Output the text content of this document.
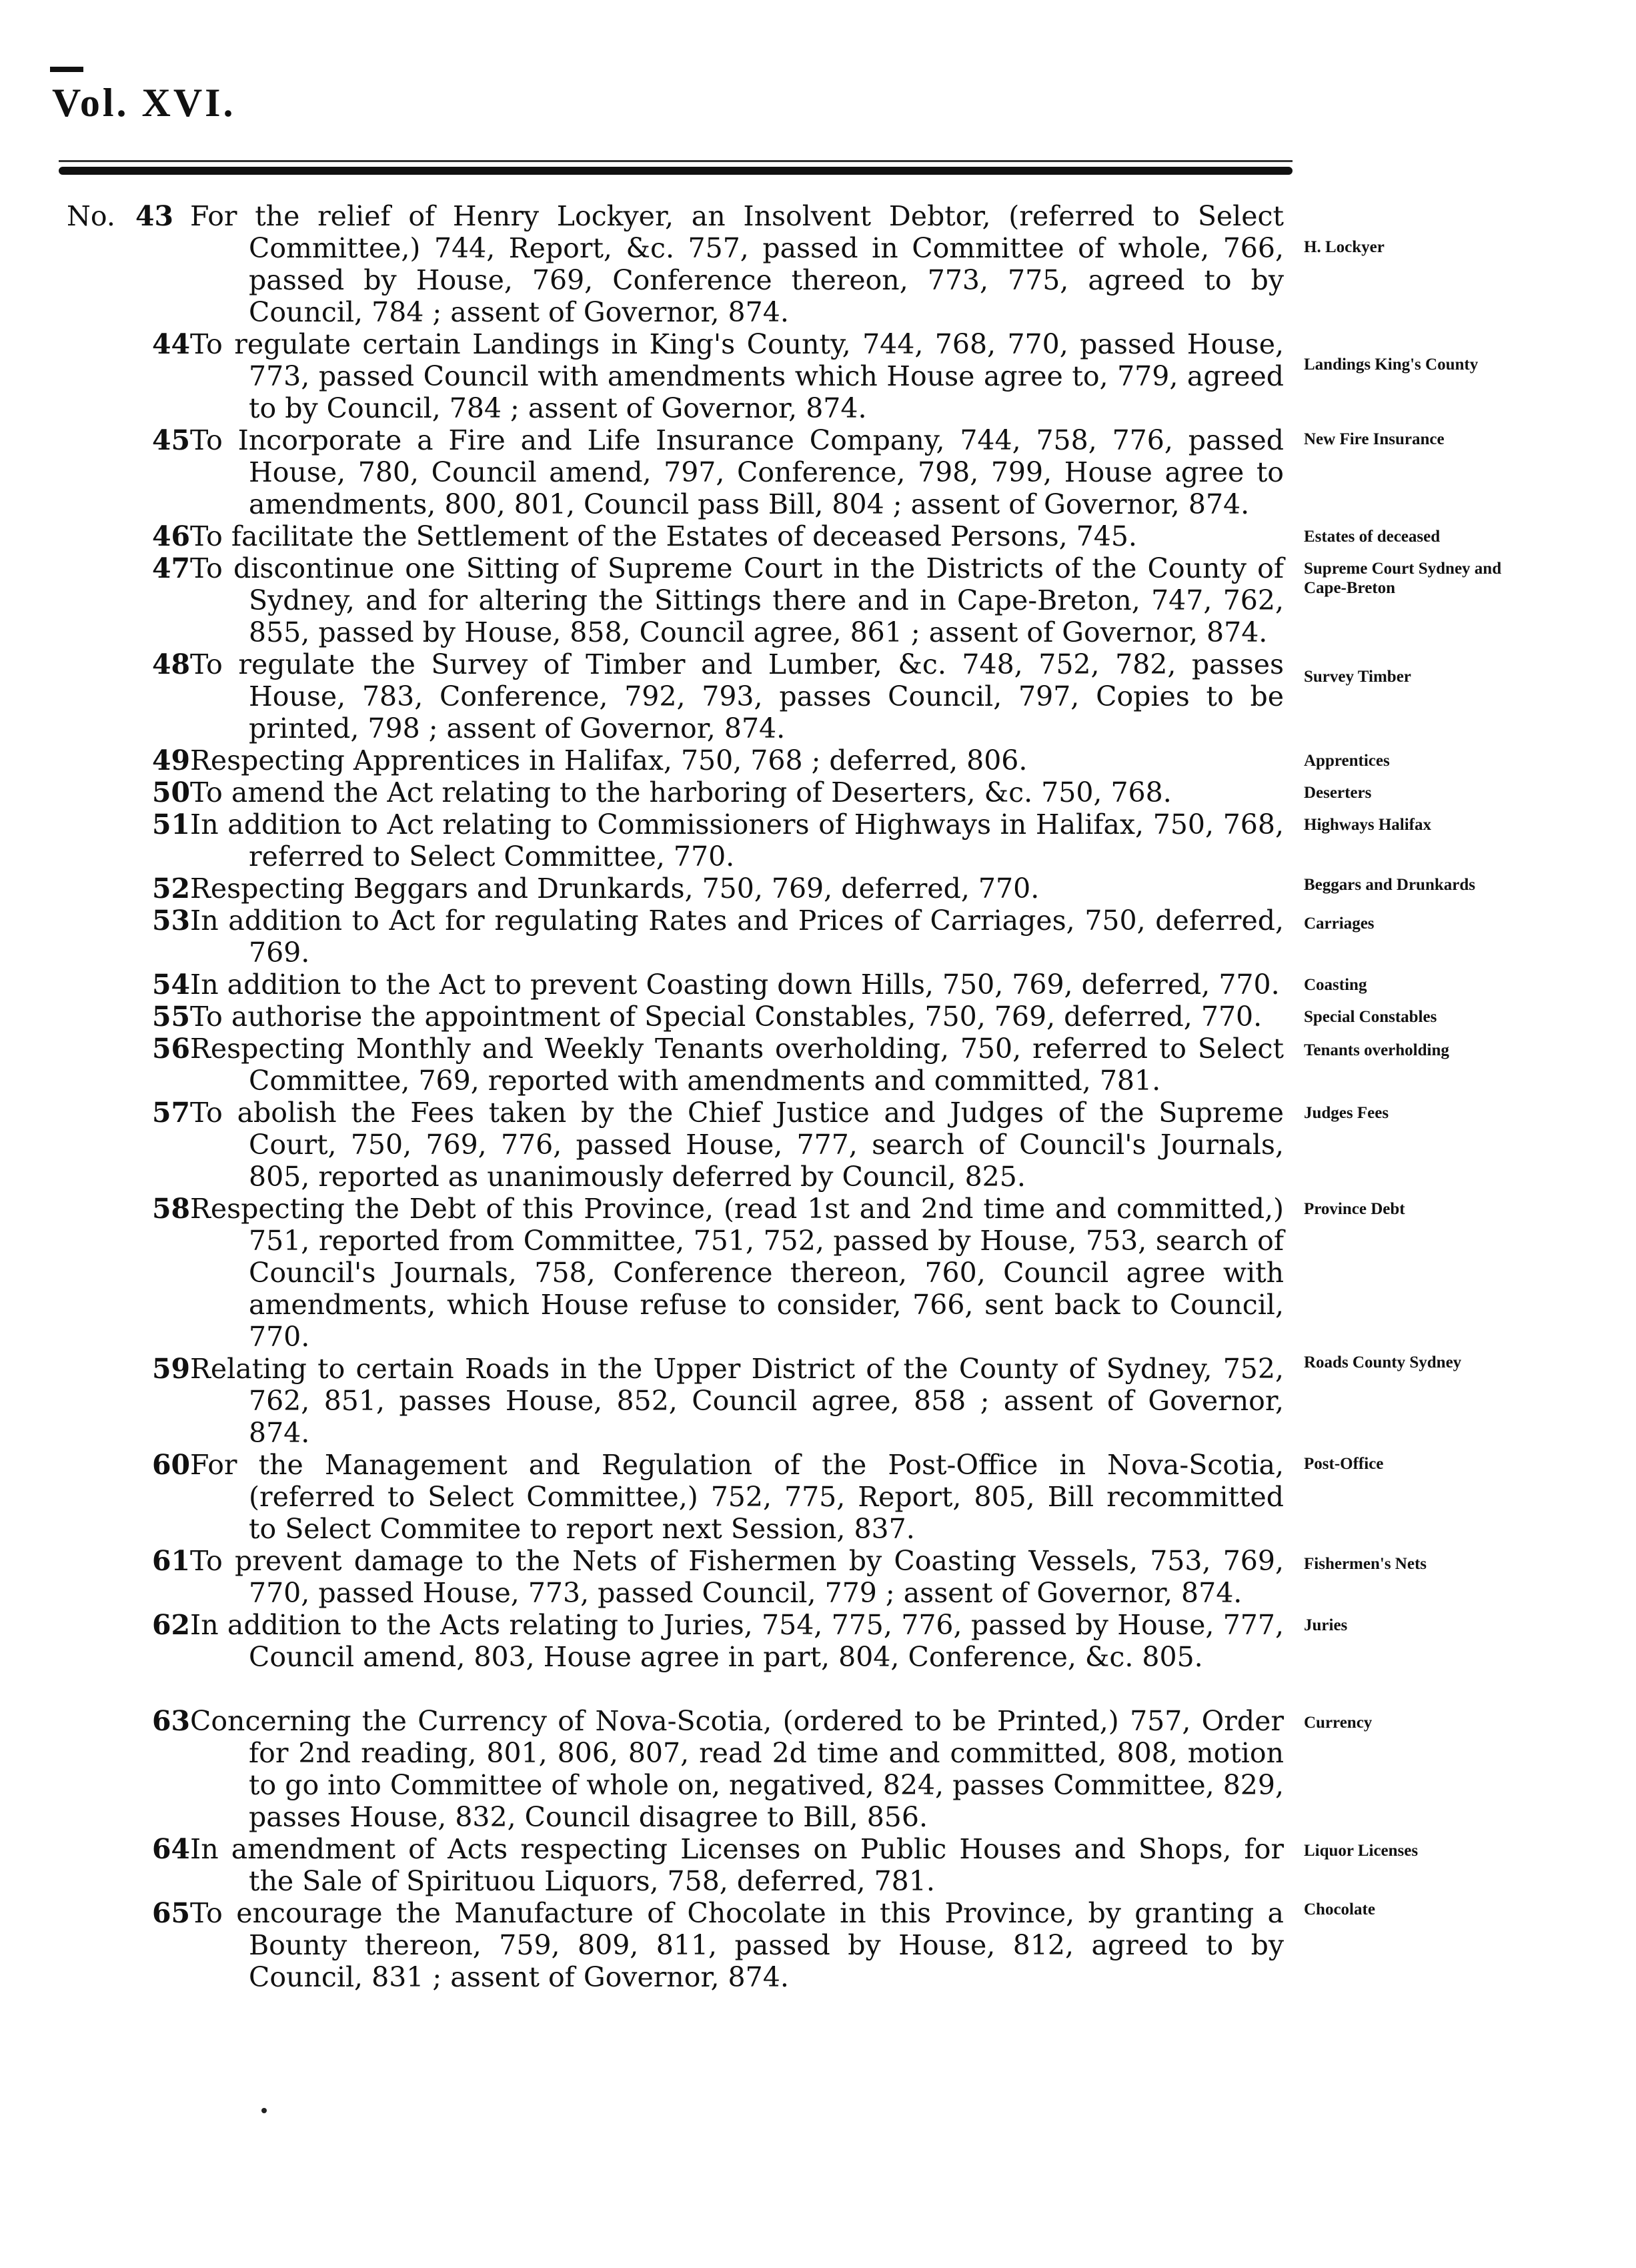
Vol. XVI.
No. 43 For the relief of Henry Lockyer, an Insolvent Debtor, (referred to Select Committee,) 744, Report, &c. 757, passed in Committee of whole, 766, passed by House, 769, Conference thereon, 773, 775, agreed to by Council, 784 ; assent of Governor, 874.
H. Lockyer
44 To regulate certain Landings in King's County, 744, 768, 770, passed House, 773, passed Council with amendments which House agree to, 779, agreed to by Council, 784 ; assent of Governor, 874.
Landings King's County
45 To Incorporate a Fire and Life Insurance Company, 744, 758, 776, passed House, 780, Council amend, 797, Conference, 798, 799, House agree to amendments, 800, 801, Council pass Bill, 804 ; assent of Governor, 874.
New Fire Insurance
46 To facilitate the Settlement of the Estates of deceased Persons, 745.	Estates of deceased
47 To discontinue one Sitting of Supreme Court in the Districts of the County of Sydney, and for altering the Sittings there and in Cape-Breton, 747, 762, 855, passed by House, 858, Council agree, 861 ; assent of Governor, 874.
Supreme Court Sydney and Cape-Breton
48 To regulate the Survey of Timber and Lumber, &c. 748, 752, 782, passes House, 783, Conference, 792, 793, passes Council, 797, Copies to be printed, 798 ; assent of Governor, 874.
Survey Timber
49 Respecting Apprentices in Halifax, 750, 768 ; deferred, 806.	Apprentices
50 To amend the Act relating to the harboring of Deserters, &c. 750, 768.	Deserters
51 In addition to Act relating to Commissioners of Highways in Halifax, 750, 768, referred to Select Committee, 770.
Highways Halifax
52 Respecting Beggars and Drunkards, 750, 769, deferred, 770.	Beggars and Drunkards
53 In addition to Act for regulating Rates and Prices of Carriages, 750, deferred, 769.
Carriages
54 In addition to the Act to prevent Coasting down Hills, 750, 769, deferred, 770. Coasting
55 To authorise the appointment of Special Constables, 750, 769, deferred, 770.	Special Constables
56 Respecting Monthly and Weekly Tenants overholding, 750, referred to Select Committee, 769, reported with amendments and committed, 781.
Tenants overholding
57 To abolish the Fees taken by the Chief Justice and Judges of the Supreme Court, 750, 769, 776, passed House, 777, search of Council's Journals, 805, reported as unanimously deferred by Council, 825.
Judges Fees
58 Respecting the Debt of this Province, (read 1st and 2nd time and committed,) 751, reported from Committee, 751, 752, passed by House, 753, search of Council's Journals, 758, Conference thereon, 760, Council agree with amendments, which House refuse to consider, 766, sent back to Council, 770.
Province Debt
59 Relating to certain Roads in the Upper District of the County of Sydney, 752, 762, 851, passes House, 852, Council agree, 858 ; assent of Governor, 874.
Roads County Sydney
60 For the Management and Regulation of the Post-Office in Nova-Scotia, (referred to Select Committee,) 752, 775, Report, 805, Bill recommitted to Select Commitee to report next Session, 837.
Post-Office
61 To prevent damage to the Nets of Fishermen by Coasting Vessels, 753, 769, 770, passed House, 773, passed Council, 779 ; assent of Governor, 874.
Fishermen's Nets
62 In addition to the Acts relating to Juries, 754, 775, 776, passed by House, 777, Council amend, 803, House agree in part, 804, Conference, &c. 805.
Juries
63 Concerning the Currency of Nova-Scotia, (ordered to be Printed,) 757, Order for 2nd reading, 801, 806, 807, read 2d time and committed, 808, motion to go into Committee of whole on, negatived, 824, passes Committee, 829, passes House, 832, Council disagree to Bill, 856.
Currency
64 In amendment of Acts respecting Licenses on Public Houses and Shops, for the Sale of Spirituou Liquors, 758, deferred, 781.
Liquor Licenses
65 To encourage the Manufacture of Chocolate in this Province, by granting a Bounty thereon, 759, 809, 811, passed by House, 812, agreed to by Council, 831 ; assent of Governor, 874.
Chocolate
